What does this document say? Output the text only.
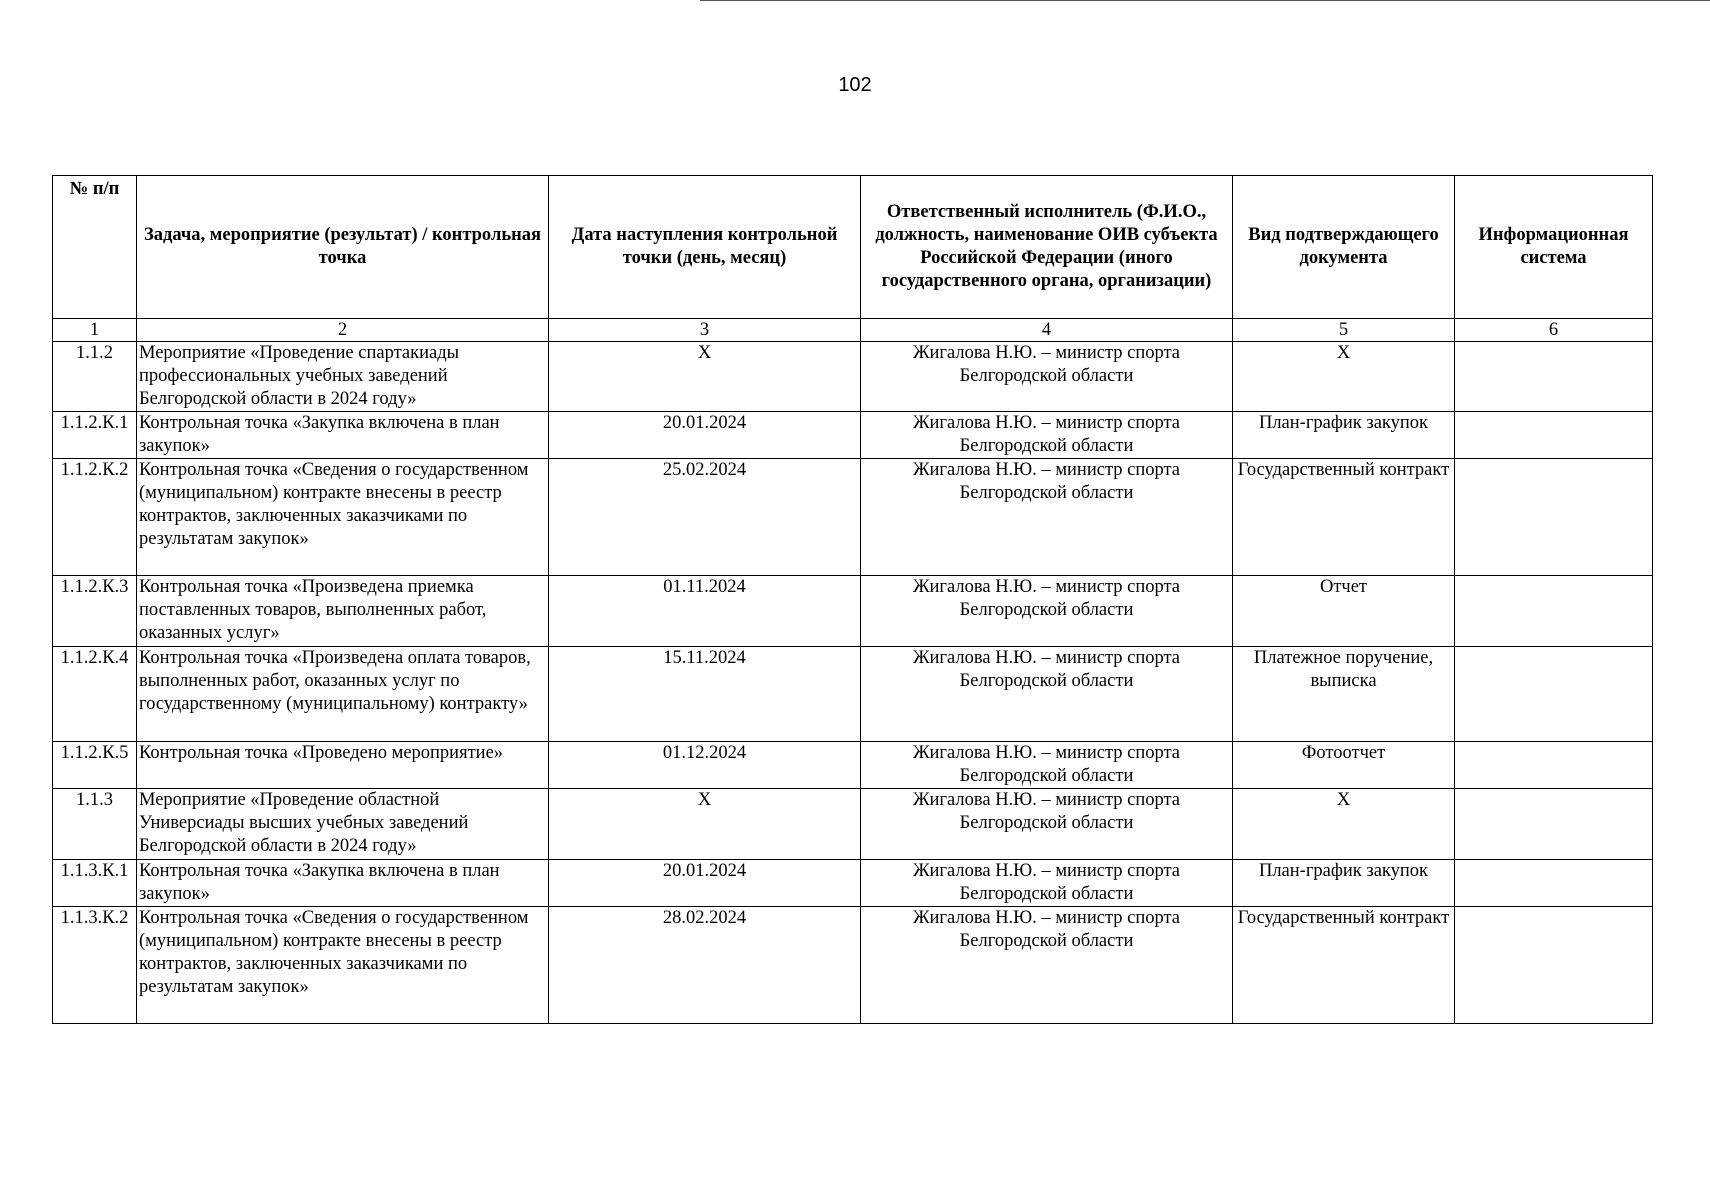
102
№ п/п	Задача, мероприятие (результат) / контрольная точка	Дата наступления контрольной точки (день, месяц)	Ответственный исполнитель (Ф.И.О., должность, наименование ОИВ субъекта Российской Федерации (иного государственного органа, организации)	Вид подтверждающего документа	Информационная система
1	2	3	4	5	6
1.1.2	Мероприятие «Проведение спартакиады профессиональных учебных заведений Белгородской области в 2024 году»	Х	Жигалова Н.Ю. – министр спорта Белгородской области	Х	
1.1.2.К.1	Контрольная точка «Закупка включена в план закупок»	20.01.2024	Жигалова Н.Ю. – министр спорта Белгородской области	План-график закупок	
1.1.2.К.2	Контрольная точка «Сведения о государственном (муниципальном) контракте внесены в реестр контрактов, заключенных заказчиками по результатам закупок»	25.02.2024	Жигалова Н.Ю. – министр спорта Белгородской области	Государственный контракт	
1.1.2.К.3	Контрольная точка «Произведена приемка поставленных товаров, выполненных работ, оказанных услуг»	01.11.2024	Жигалова Н.Ю. – министр спорта Белгородской области	Отчет	
1.1.2.К.4	Контрольная точка «Произведена оплата товаров, выполненных работ, оказанных услуг по государственному (муниципальному) контракту»	15.11.2024	Жигалова Н.Ю. – министр спорта Белгородской области	Платежное поручение, выписка	
1.1.2.К.5	Контрольная точка «Проведено мероприятие»	01.12.2024	Жигалова Н.Ю. – министр спорта Белгородской области	Фотоотчет	
1.1.3	Мероприятие «Проведение областной Универсиады высших учебных заведений Белгородской области в 2024 году»	Х	Жигалова Н.Ю. – министр спорта Белгородской области	Х	
1.1.3.К.1	Контрольная точка «Закупка включена в план закупок»	20.01.2024	Жигалова Н.Ю. – министр спорта Белгородской области	План-график закупок	
1.1.3.К.2	Контрольная точка «Сведения о государственном (муниципальном) контракте внесены в реестр контрактов, заключенных заказчиками по результатам закупок»	28.02.2024	Жигалова Н.Ю. – министр спорта Белгородской области	Государственный контракт	
